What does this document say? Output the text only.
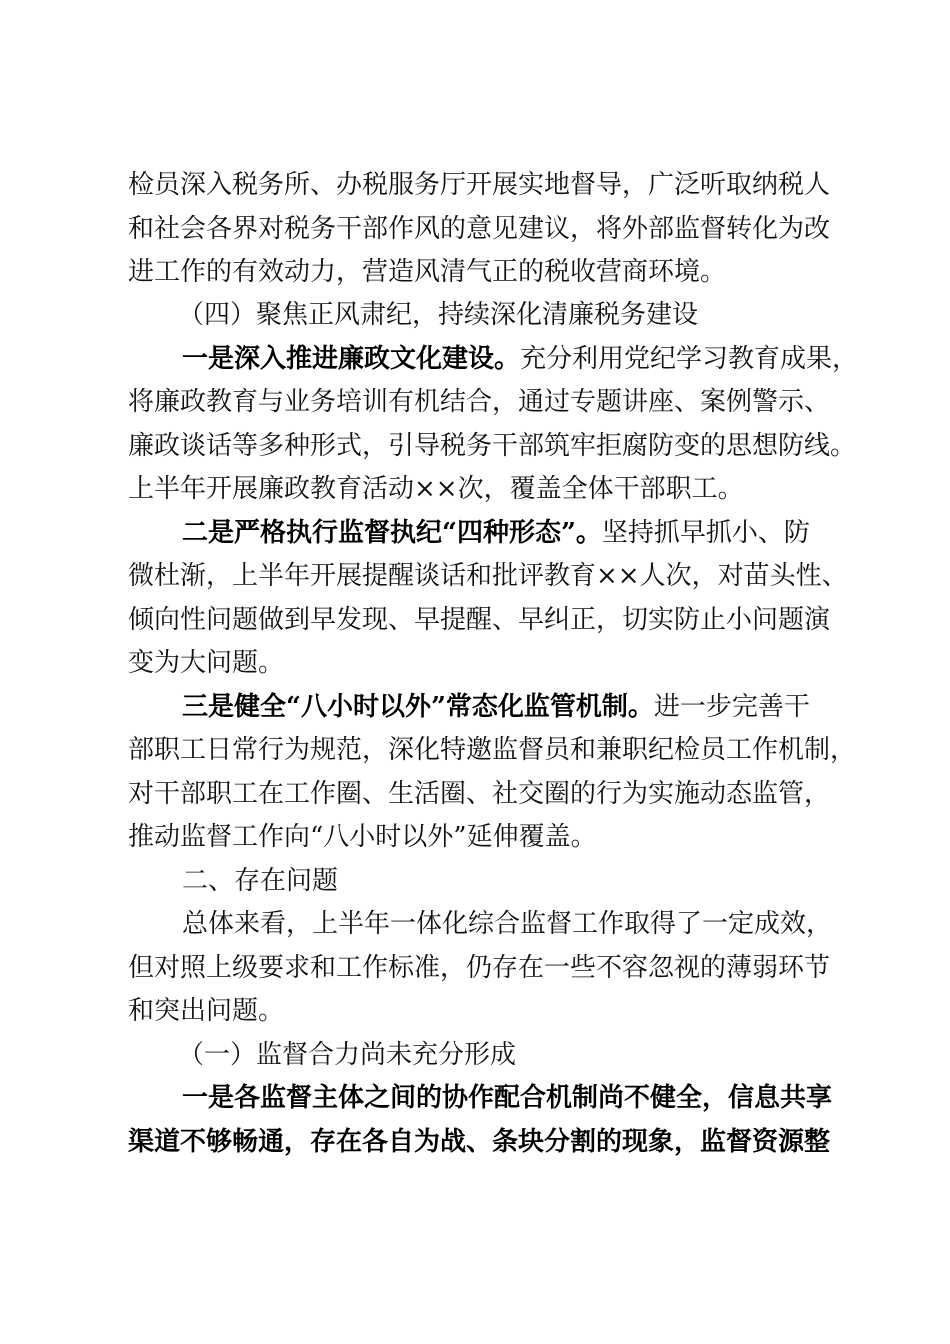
检员深入税务所、办税服务厅开展实地督导，广泛听取纳税人
和社会各界对税务干部作风的意见建议，将外部监督转化为改
进工作的有效动力，营造风清气正的税收营商环境。
（四）聚焦正风肃纪，持续深化清廉税务建设
一是深入推进廉政文化建设。充分利用党纪学习教育成果，
将廉政教育与业务培训有机结合，通过专题讲座、案例警示、
廉政谈话等多种形式，引导税务干部筑牢拒腐防变的思想防线。
上半年开展廉政教育活动××次，覆盖全体干部职工。
二是严格执行监督执纪“四种形态”。坚持抓早抓小、防
微杜渐，上半年开展提醒谈话和批评教育××人次，对苗头性、
倾向性问题做到早发现、早提醒、早纠正，切实防止小问题演
变为大问题。
三是健全“八小时以外”常态化监管机制。进一步完善干
部职工日常行为规范，深化特邀监督员和兼职纪检员工作机制，
对干部职工在工作圈、生活圈、社交圈的行为实施动态监管，
推动监督工作向“八小时以外”延伸覆盖。
二、存在问题
总体来看，上半年一体化综合监督工作取得了一定成效，
但对照上级要求和工作标准，仍存在一些不容忽视的薄弱环节
和突出问题。
（一）监督合力尚未充分形成
一是各监督主体之间的协作配合机制尚不健全，信息共享
渠道不够畅通，存在各自为战、条块分割的现象，监督资源整
